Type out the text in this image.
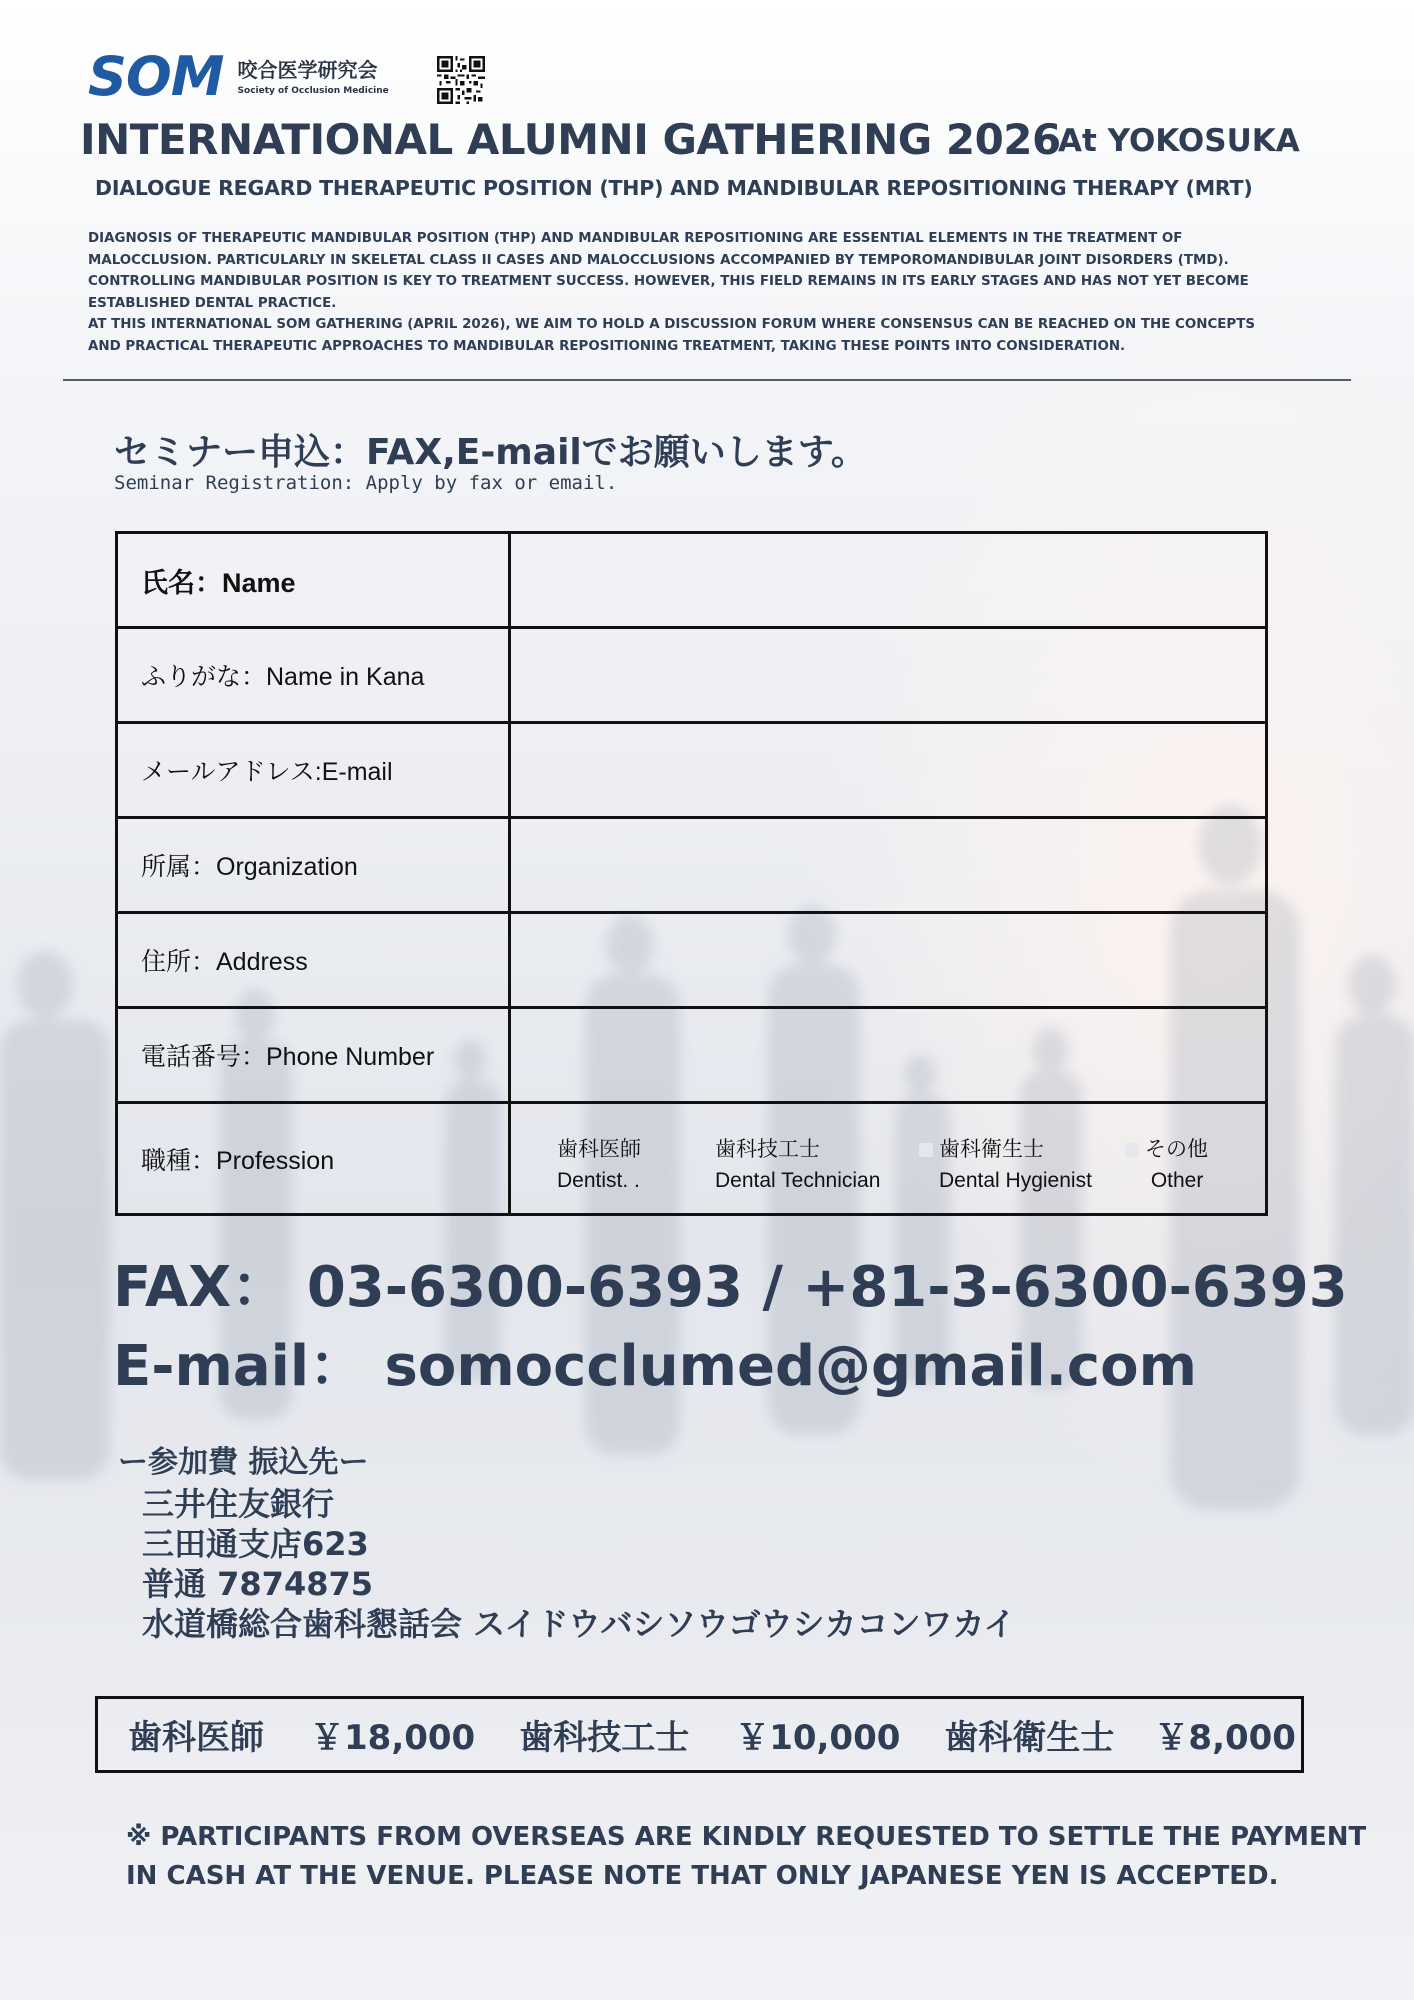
SOM 咬合医学研究会
Society of Occlusion Medicine
INTERNATIONAL ALUMNI GATHERING 2026
At YOKOSUKA
DIALOGUE REGARD THERAPEUTIC POSITION (THP) AND MANDIBULAR REPOSITIONING THERAPY (MRT)

DIAGNOSIS OF THERAPEUTIC MANDIBULAR POSITION (THP) AND MANDIBULAR REPOSITIONING ARE ESSENTIAL ELEMENTS IN THE TREATMENT OF

MALOCCLUSION. PARTICULARLY IN SKELETAL CLASS II CASES AND MALOCCLUSIONS ACCOMPANIED BY TEMPOROMANDIBULAR JOINT DISORDERS (TMD).

CONTROLLING MANDIBULAR POSITION IS KEY TO TREATMENT SUCCESS. HOWEVER, THIS FIELD REMAINS IN ITS EARLY STAGES AND HAS NOT YET BECOME

ESTABLISHED DENTAL PRACTICE.

AT THIS INTERNATIONAL SOM GATHERING (APRIL 2026), WE AIM TO HOLD A DISCUSSION FORUM WHERE CONSENSUS CAN BE REACHED ON THE CONCEPTS

AND PRACTICAL THERAPEUTIC APPROACHES TO MANDIBULAR REPOSITIONING TREATMENT, TAKING THESE POINTS INTO CONSIDERATION.

セミナー申込：FAX,E-mailでお願いします。
Seminar Registration: Apply by fax or email.
氏名：Name
ふりがな：Name in Kana
メールアドレス:E-mail
所属：Organization
住所：Address
電話番号：Phone Number
職種：Profession	歯科医師
Dentist. .
歯科技工士
Dental Technician
歯科衛生士
Dental Hygienist
その他
Other
FAX： 03-6300-6393 / +81-3-6300-6393
E-mail： somocclumed@gmail.com
ー参加費 振込先ー
三井住友銀行
三田通支店623
普通 7874875
水道橋総合歯科懇話会 スイドウバシソウゴウシカコンワカイ
歯科医師 ￥18,000 歯科技工士 ￥10,000 歯科衛生士 ￥8,000
※ PARTICIPANTS FROM OVERSEAS ARE KINDLY REQUESTED TO SETTLE THE PAYMENT
IN CASH AT THE VENUE. PLEASE NOTE THAT ONLY JAPANESE YEN IS ACCEPTED.
